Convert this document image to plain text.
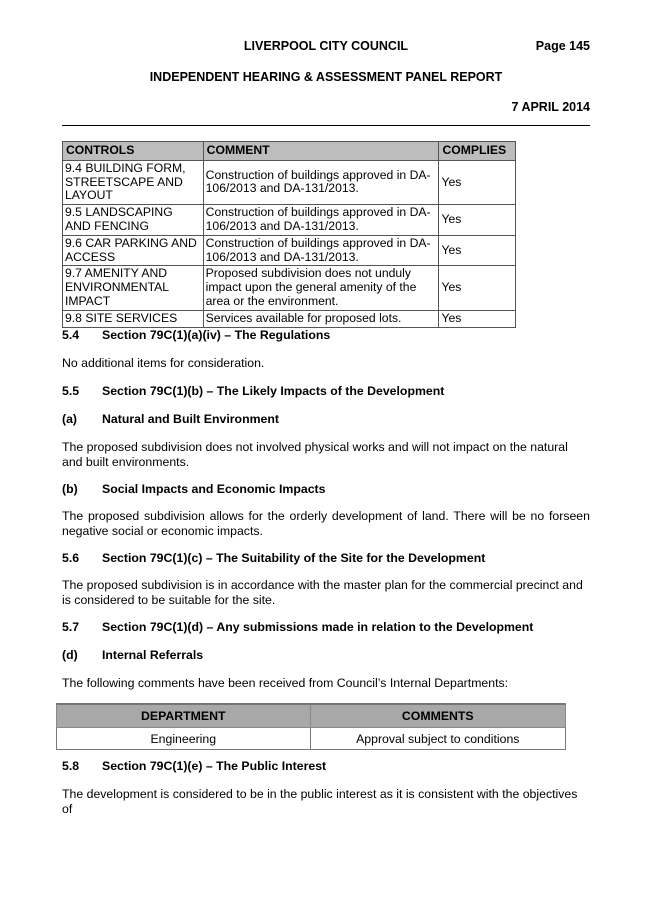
LIVERPOOL CITY COUNCIL	Page 145
INDEPENDENT HEARING & ASSESSMENT PANEL REPORT
7 APRIL 2014
CONTROLS	COMMENT	COMPLIES
9.4 BUILDING FORM, STREETSCAPE AND LAYOUT	Construction of buildings approved in DA-106/2013 and DA-131/2013.	Yes
9.5 LANDSCAPING AND FENCING	Construction of buildings approved in DA-106/2013 and DA-131/2013.	Yes
9.6 CAR PARKING AND ACCESS	Construction of buildings approved in DA-106/2013 and DA-131/2013.	Yes
9.7 AMENITY AND ENVIRONMENTAL IMPACT	Proposed subdivision does not unduly impact upon the general amenity of the area or the environment.	Yes
9.8 SITE SERVICES	Services available for proposed lots.	Yes
5.4 Section 79C(1)(a)(iv) – The Regulations
No additional items for consideration.
5.5 Section 79C(1)(b) – The Likely Impacts of the Development
(a) Natural and Built Environment
The proposed subdivision does not involved physical works and will not impact on the natural and built environments.
(b) Social Impacts and Economic Impacts
The proposed subdivision allows for the orderly development of land. There will be no forseen negative social or economic impacts.
5.6 Section 79C(1)(c) – The Suitability of the Site for the Development
The proposed subdivision is in accordance with the master plan for the commercial precinct and is considered to be suitable for the site.
5.7 Section 79C(1)(d) – Any submissions made in relation to the Development
(d) Internal Referrals
The following comments have been received from Council’s Internal Departments:
DEPARTMENT	COMMENTS
Engineering	Approval subject to conditions
5.8 Section 79C(1)(e) – The Public Interest
The development is considered to be in the public interest as it is consistent with the objectives of
